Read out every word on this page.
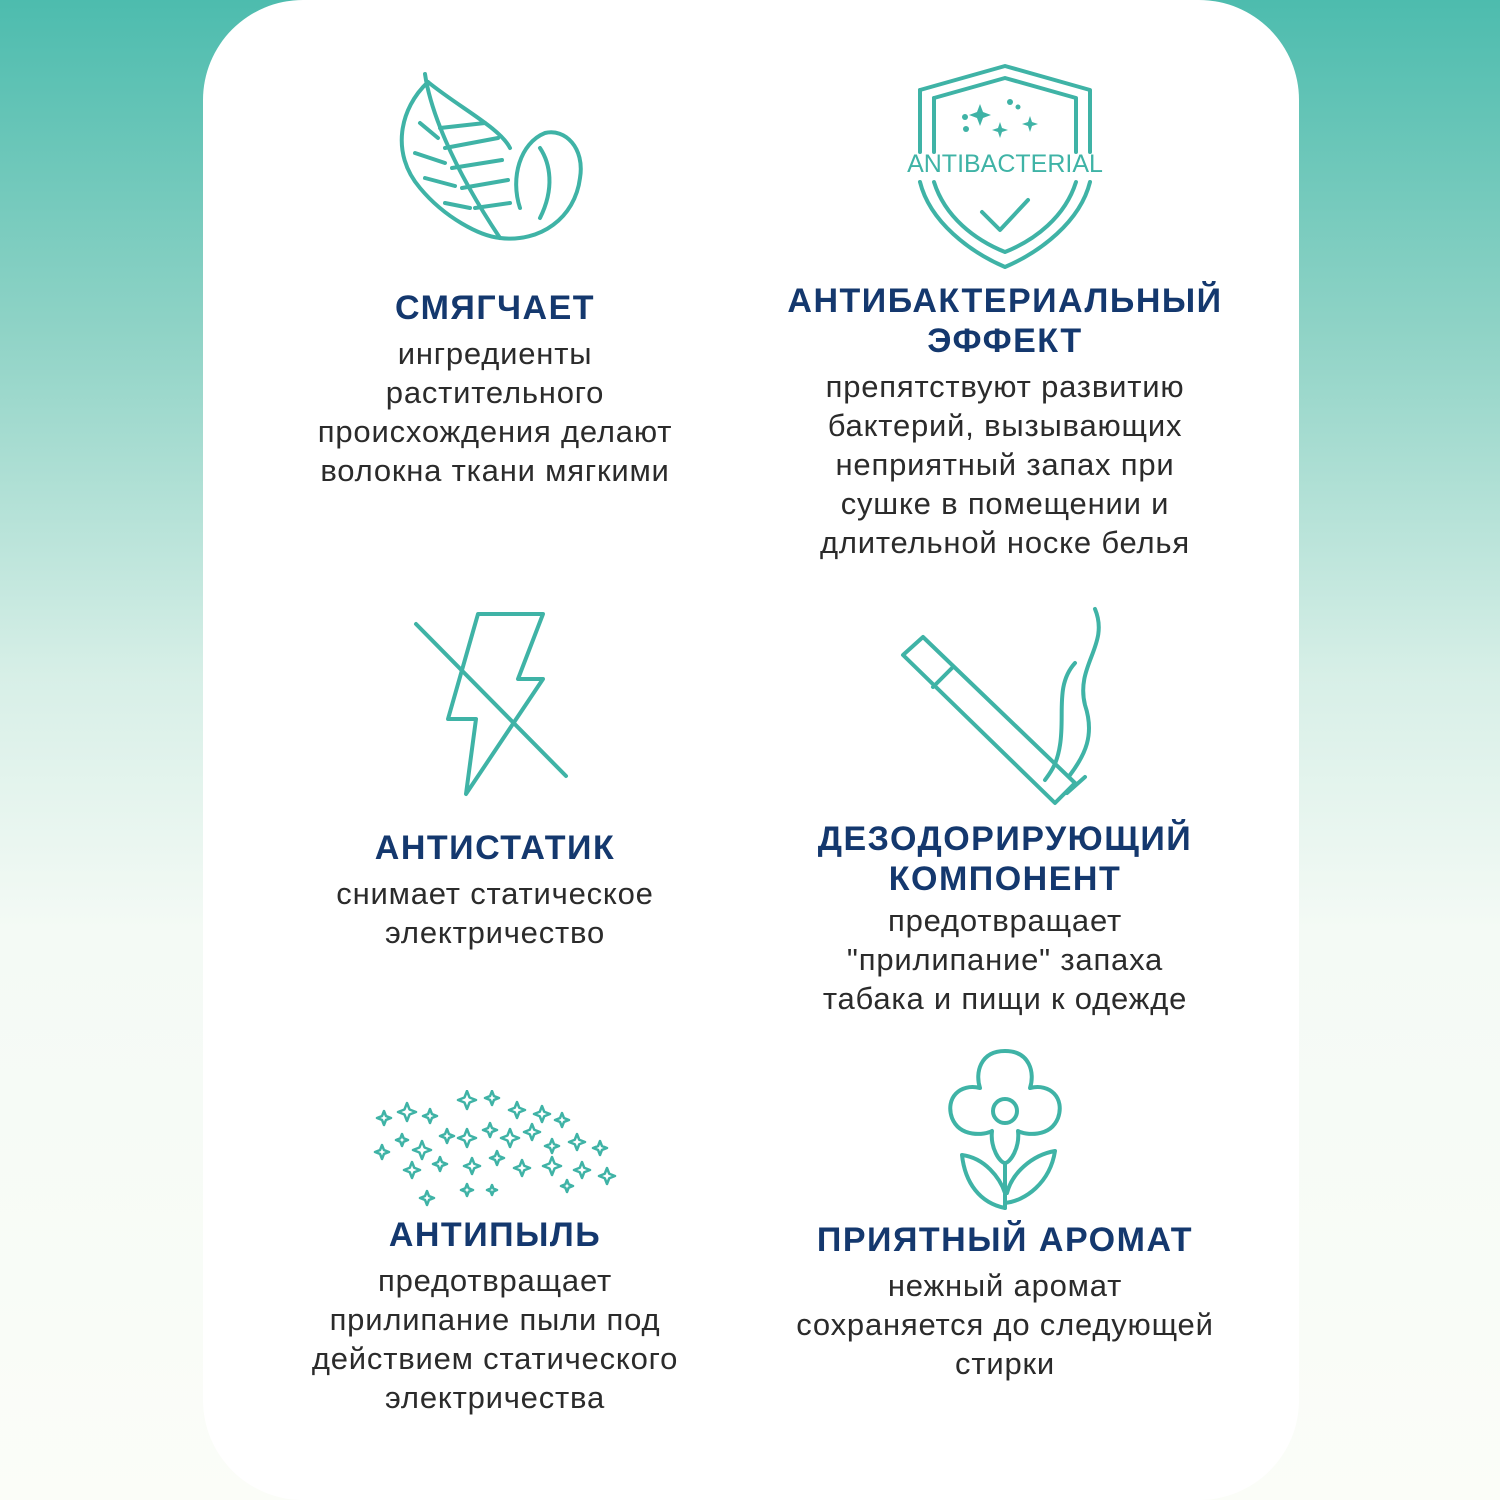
СМЯГЧАЕТ

ингредиенты
растительного
происхождения делают
волокна ткани мягкими

ANTIBACTERIAL

АНТИБАКТЕРИАЛЬНЫЙ
ЭФФЕКТ

препятствуют развитию
бактерий, вызывающих
неприятный запах при
сушке в помещении и
длительной носке белья

АНТИСТАТИК

снимает статическое
электричество

ДЕЗОДОРИРУЮЩИЙ
КОМПОНЕНТ

предотвращает
"прилипание" запаха
табака и пищи к одежде

АНТИПЫЛЬ

предотвращает
прилипание пыли под
действием статического
электричества

ПРИЯТНЫЙ АРОМАТ

нежный аромат
сохраняется до следующей
стирки
